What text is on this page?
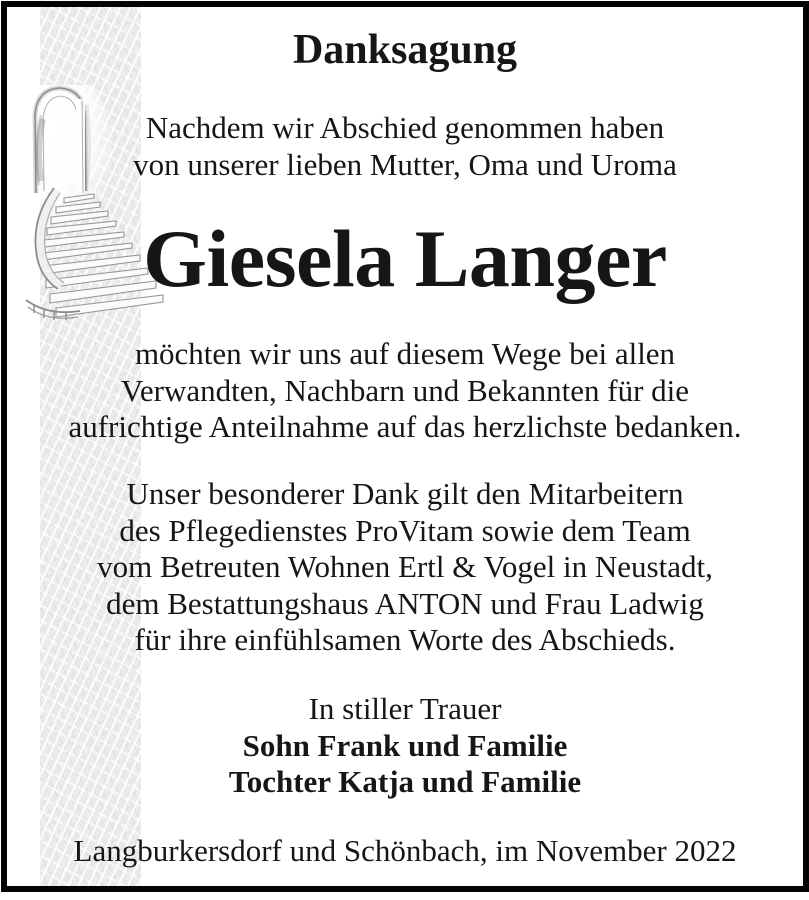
Danksagung
Nachdem wir Abschied genommen haben
von unserer lieben Mutter, Oma und Uroma
Giesela Langer
möchten wir uns auf diesem Wege bei allen
Verwandten, Nachbarn und Bekannten für die
aufrichtige Anteilnahme auf das herzlichste bedanken.
Unser besonderer Dank gilt den Mitarbeitern
des Pflegedienstes ProVitam sowie dem Team
vom Betreuten Wohnen Ertl & Vogel in Neustadt,
dem Bestattungshaus ANTON und Frau Ladwig
für ihre einfühlsamen Worte des Abschieds.
In stiller Trauer
Sohn Frank und Familie
Tochter Katja und Familie
Langburkersdorf und Schönbach, im November 2022
